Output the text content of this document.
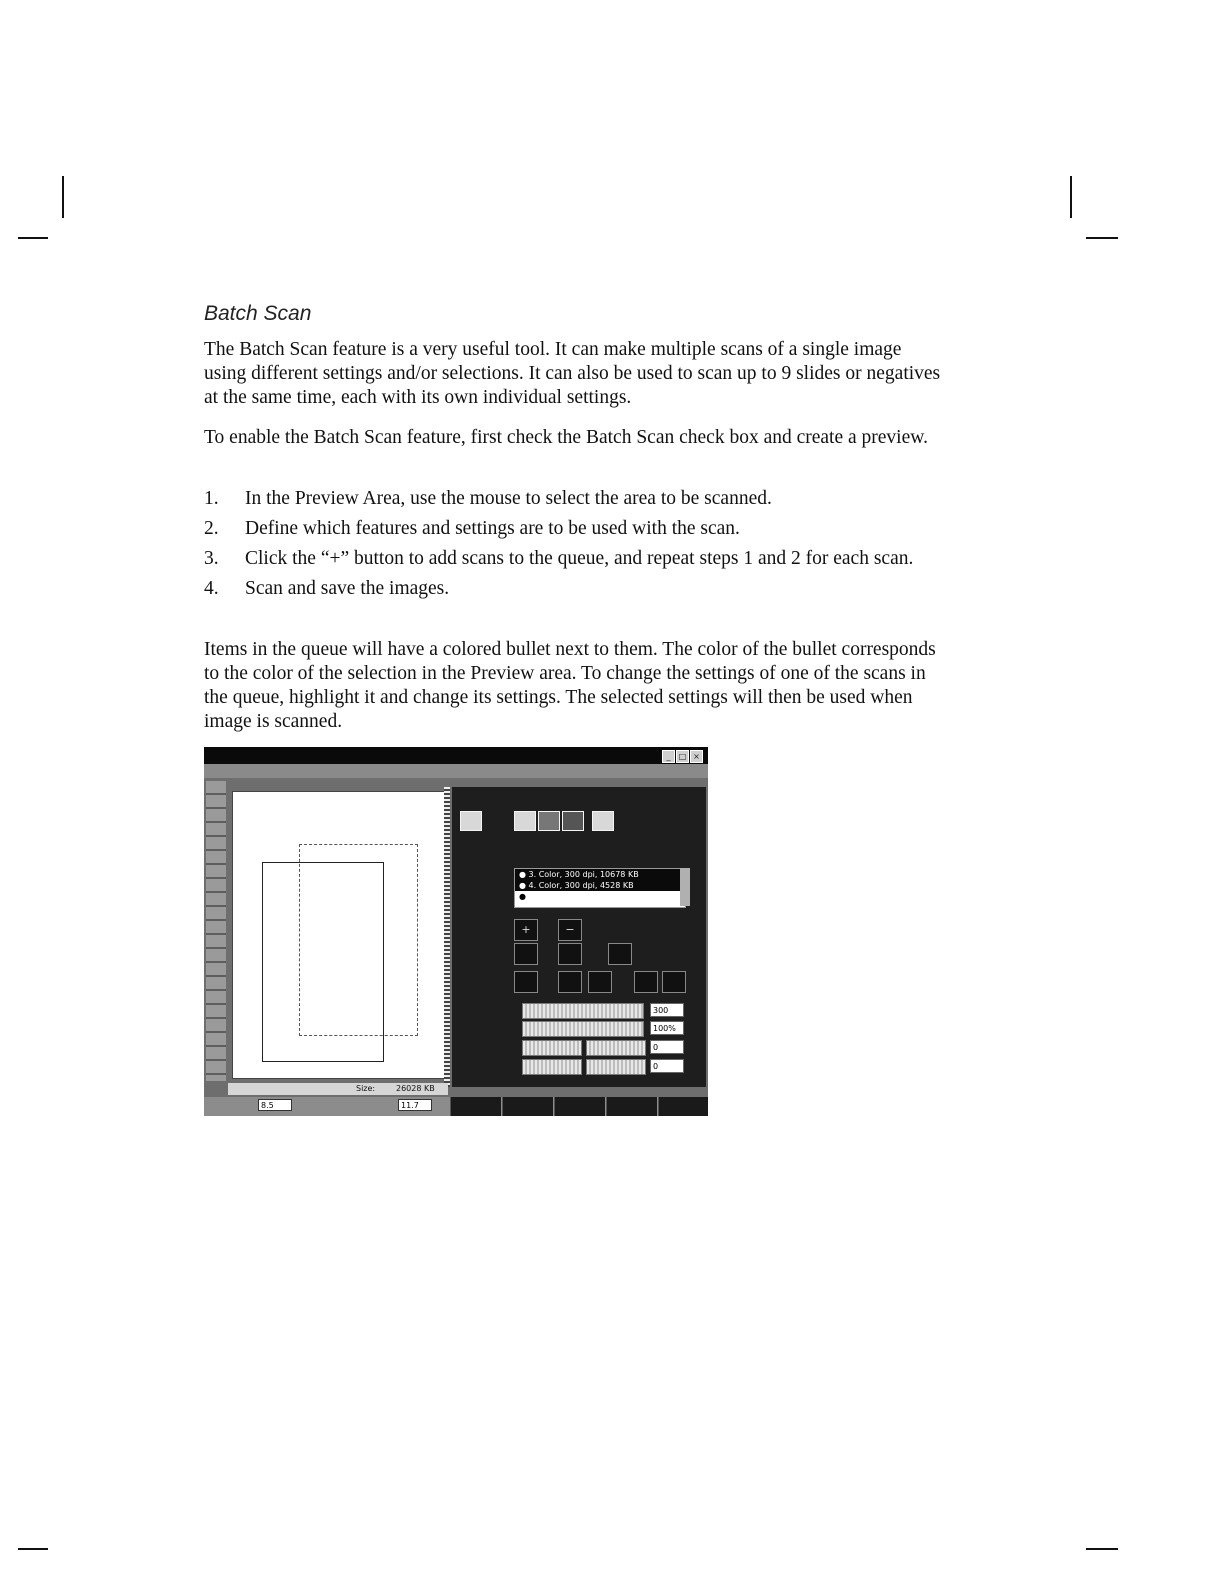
Batch Scan

The Batch Scan feature is a very useful tool. It can make multiple scans of a single image using different settings and/or selections. It can also be used to scan up to 9 slides or negatives at the same time, each with its own individual settings.

To enable the Batch Scan feature, first check the Batch Scan check box and create a preview.

1. In the Preview Area, use the mouse to select the area to be scanned.
2. Define which features and settings are to be used with the scan.
3. Click the “+” button to add scans to the queue, and repeat steps 1 and 2 for each scan.
4. Scan and save the images.

Items in the queue will have a colored bullet next to them. The color of the bullet corresponds to the color of the selection in the Preview area. To change the settings of one of the scans in the queue, highlight it and change its settings. The selected settings will then be used when image is scanned.

_	□ ×
● 3. Color, 300 dpi, 10678 KB
● 4. Color, 300 dpi, 4528 KB
●
+	−
300
100%
0
0
Size:	26028 KB
8.5	11.7
